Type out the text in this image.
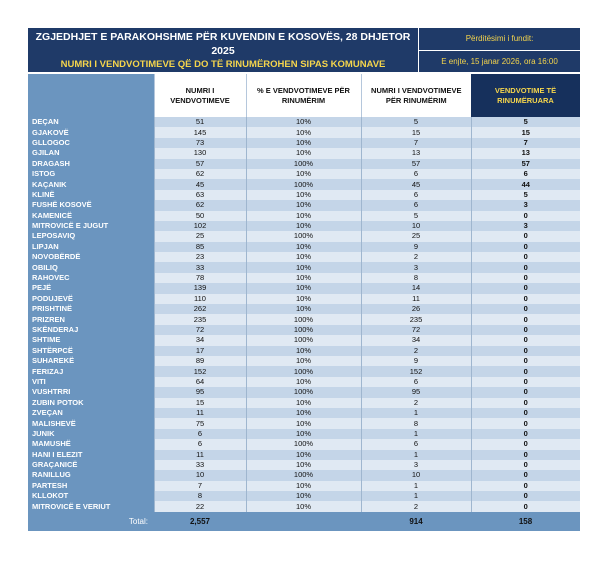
ZGJEDHJET E PARAKOHSHME PËR KUVENDIN E KOSOVËS, 28 DHJETOR 2025
NUMRI I VENDVOTIMEVE QË DO TË RINUMËROHEN SIPAS KOMUNAVE
Përditësimi i fundit:
E enjte, 15 janar 2026, ora 16:00
	NUMRI I VENDVOTIMEVE	% E VENDVOTIMEVE PËR RINUMËRIM	NUMRI I VENDVOTIMEVE PËR RINUMËRIM	VENDVOTIME TË RINUMËRUARA
DEÇAN	51	10%	5	5
GJAKOVË	145	10%	15	15
GLLOGOC	73	10%	7	7
GJILAN	130	10%	13	13
DRAGASH	57	100%	57	57
ISTOG	62	10%	6	6
KAÇANIK	45	100%	45	44
KLINË	63	10%	6	5
FUSHË KOSOVË	62	10%	6	3
KAMENICË	50	10%	5	0
MITROVICË E JUGUT	102	10%	10	3
LEPOSAVIQ	25	100%	25	0
LIPJAN	85	10%	9	0
NOVOBËRDË	23	10%	2	0
OBILIQ	33	10%	3	0
RAHOVEC	78	10%	8	0
PEJË	139	10%	14	0
PODUJEVË	110	10%	11	0
PRISHTINË	262	10%	26	0
PRIZREN	235	100%	235	0
SKËNDERAJ	72	100%	72	0
SHTIME	34	100%	34	0
SHTËRPCË	17	10%	2	0
SUHAREKË	89	10%	9	0
FERIZAJ	152	100%	152	0
VITI	64	10%	6	0
VUSHTRRI	95	100%	95	0
ZUBIN POTOK	15	10%	2	0
ZVEÇAN	11	10%	1	0
MALISHEVË	75	10%	8	0
JUNIK	6	10%	1	0
MAMUSHË	6	100%	6	0
HANI I ELEZIT	11	10%	1	0
GRAÇANICË	33	10%	3	0
RANILLUG	10	100%	10	0
PARTESH	7	10%	1	0
KLLOKOT	8	10%	1	0
MITROVICË E VERIUT	22	10%	2	0
Total:	2,557		914	158
